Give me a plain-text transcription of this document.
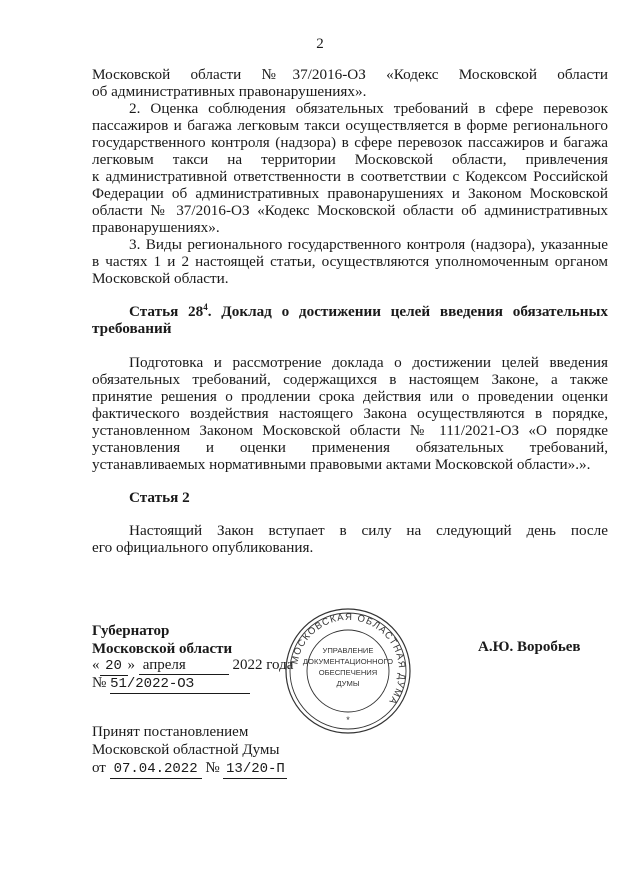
2
Московской области №37/2016-ОЗ «Кодекс Московской области
об административных правонарушениях».
2. Оценка соблюдения обязательных требований в сфере перевозок
пассажиров и багажа легковым такси осуществляется в форме регионального
государственного контроля (надзора) в сфере перевозок пассажиров и багажа
легковым такси на территории Московской области, привлечения
к административной ответственности в соответствии с Кодексом Российской
Федерации об административных правонарушениях и Законом Московской
области № 37/2016-ОЗ «Кодекс Московской области об административных
правонарушениях».
3. Виды регионального государственного контроля (надзора), указанные
в частях 1 и 2 настоящей статьи, осуществляются уполномоченным органом
Московской области.
Статья $28^4$. Доклад о достижении целей введения обязательных
требований
Подготовка и рассмотрение доклада о достижении целей введения
обязательных требований, содержащихся в настоящем Законе, а также
принятие решения о продлении срока действия или о проведении оценки
фактического воздействия настоящего Закона осуществляются в порядке,
установленном Законом Московской области № 111/2021-ОЗ «О порядке
установления и оценки применения обязательных требований,
устанавливаемых нормативными правовыми актами Московской области».».
Статья 2
Настоящий Закон вступает в силу на следующий день после
его официального опубликования.
Губернатор
Московской области	А.Ю. Воробьев
« 20 » апреля	2022 года
№ 51/2022-ОЗ
Принят постановлением
Московской областной Думы
от 07.04.2022 № 13/20-П
МОСКОВСКАЯ ОБЛАСТНАЯ ДУМА
УПРАВЛЕНИЕ
ДОКУМЕНТАЦИОННОГО
ОБЕСПЕЧЕНИЯ
ДУМЫ
*
